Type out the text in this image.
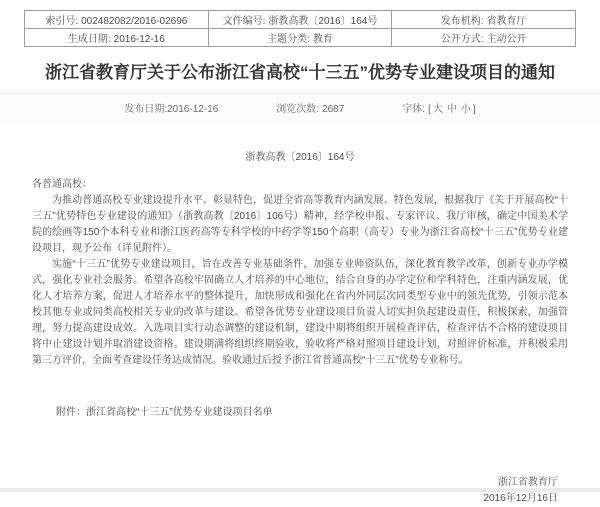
索引号: 002482082/2016-02696	文件编号: 浙教高教〔2016〕164号	发布机构: 省教育厅
生成日期: 2016-12-16	主题分类: 教育	公开方式: 主动公开
浙江省教育厅关于公布浙江省高校“十三五”优势专业建设项目的通知
发布日期:2016-12-16	浏览次数: 2687	字体: [ 大 中 小 ]
浙教高教〔2016〕164号

各普通高校：

为推动普通高校专业建设提升水平、彰显特色，促进全省高等教育内涵发展、特色发展，根据我厅《关于开展高校“十三五”优势特色专业建设的通知》（浙教高教〔2016〕106号）精神，经学校申报、专家评议、我厅审核，确定中国美术学院的绘画等150个本科专业和浙江医药高等专科学校的中药学等150个高职（高专）专业为浙江省高校“十三五”优势专业建设项目，现予公布（详见附件）。

实施“十三五”优势专业建设项目，旨在改善专业基础条件，加强专业师资队伍，深化教育教学改革，创新专业办学模式，强化专业社会服务。希望各高校牢固确立人才培养的中心地位，结合自身的办学定位和学科特色，注重内涵发展，优化人才培养方案，促进人才培养水平的整体提升，加快形成和强化在省内外同层次同类型专业中的领先优势，引领示范本校其他专业或同类高校相关专业的改革与建设。希望各优势专业建设项目负责人切实担负起建设责任，积极探索，加强管理，努力提高建设成效。入选项目实行动态调整的建设机制，建设中期将组织开展检查评估，检查评估不合格的建设项目将中止建设计划并取消建设资格。建设期满将组织终期验收，验收将严格对照项目建设计划，对照评价标准，并积极采用第三方评价，全面考查建设任务达成情况。验收通过后授予浙江省普通高校“十三五”优势专业称号。

附件：浙江省高校“十三五”优势专业建设项目名单

浙江省教育厅
2016年12月16日
